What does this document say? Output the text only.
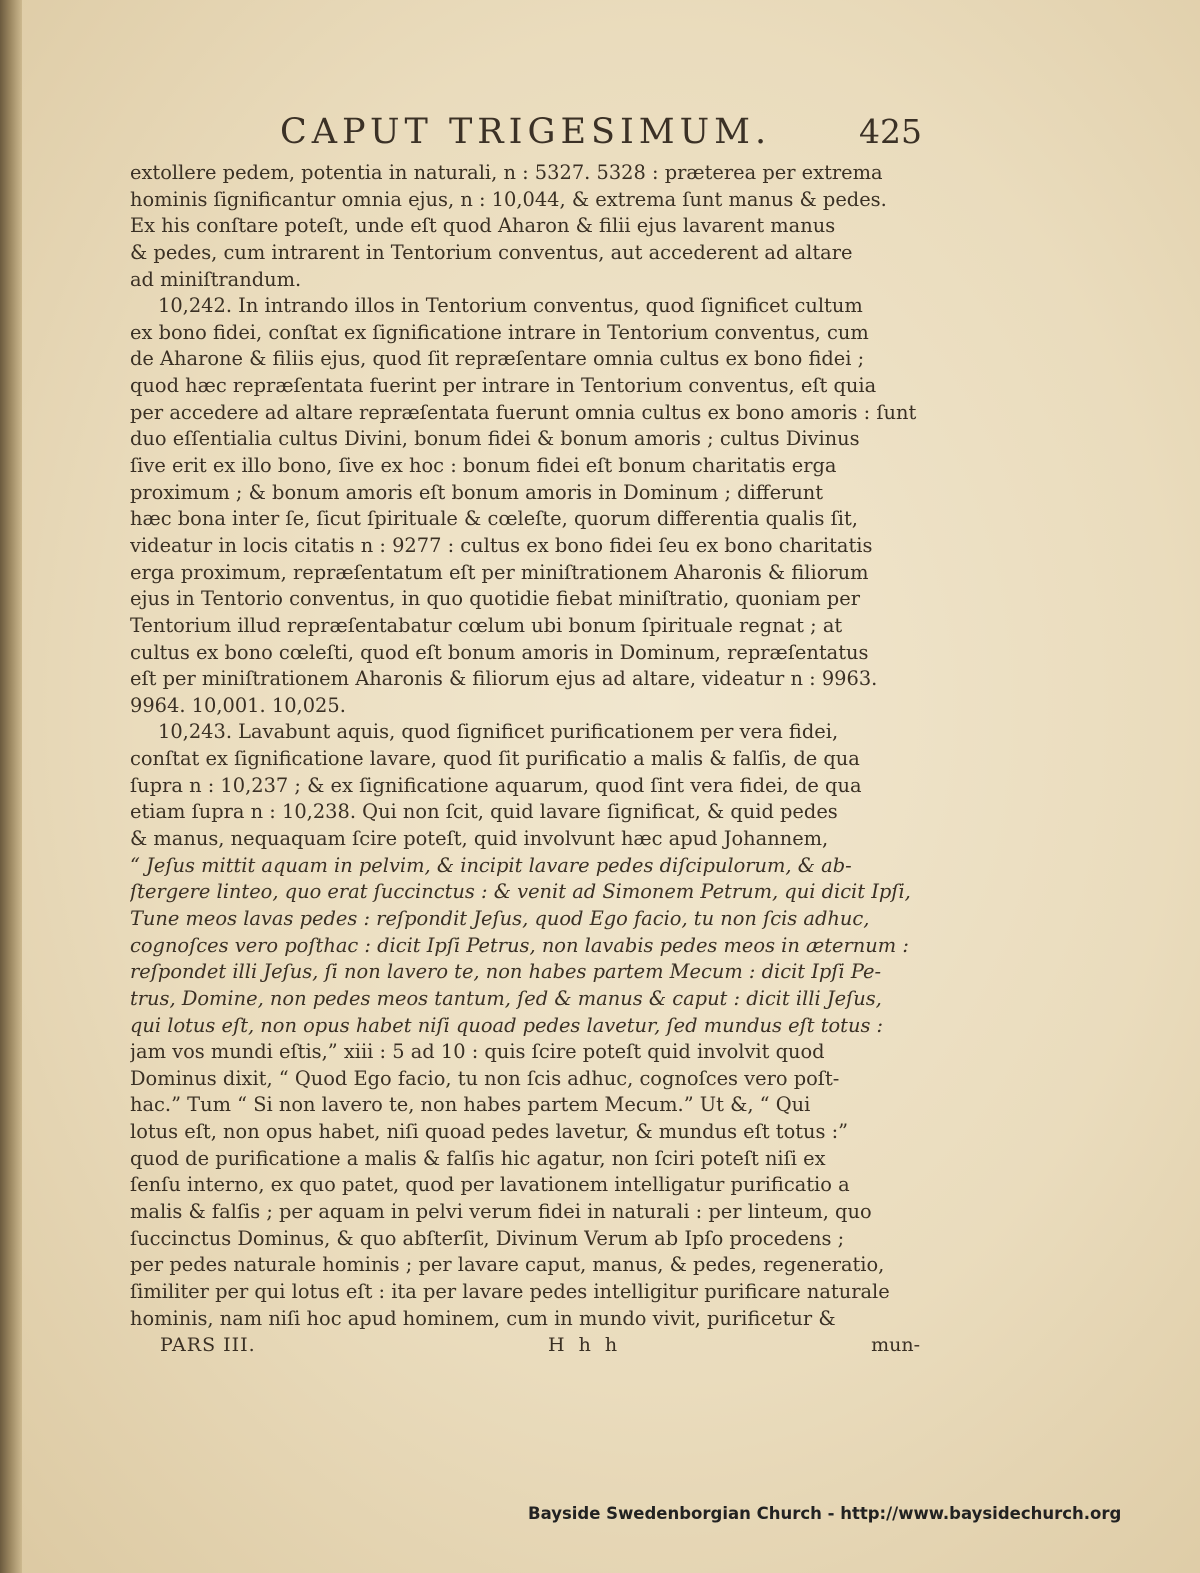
CAPUT TRIGESIMUM.	425
extollere pedem, potentia in naturali, n : 5327. 5328 : præterea per extrema
hominis ſignificantur omnia ejus, n : 10,044, & extrema ſunt manus & pedes.
Ex his conſtare poteſt, unde eſt quod Aharon & filii ejus lavarent manus
& pedes, cum intrarent in Tentorium conventus, aut accederent ad altare
ad miniſtrandum.
10,242. In intrando illos in Tentorium conventus, quod ſignificet cultum
ex bono fidei, conſtat ex ſignificatione intrare in Tentorium conventus, cum
de Aharone & filiis ejus, quod ſit repræſentare omnia cultus ex bono fidei ;
quod hæc repræſentata fuerint per intrare in Tentorium conventus, eſt quia
per accedere ad altare repræſentata fuerunt omnia cultus ex bono amoris : ſunt
duo eſſentialia cultus Divini, bonum fidei & bonum amoris ; cultus Divinus
ſive erit ex illo bono, ſive ex hoc : bonum fidei eſt bonum charitatis erga
proximum ; & bonum amoris eſt bonum amoris in Dominum ; differunt
hæc bona inter ſe, ſicut ſpirituale & cœleſte, quorum differentia qualis ſit,
videatur in locis citatis n : 9277 : cultus ex bono fidei ſeu ex bono charitatis
erga proximum, repræſentatum eſt per miniſtrationem Aharonis & filiorum
ejus in Tentorio conventus, in quo quotidie fiebat miniſtratio, quoniam per
Tentorium illud repræſentabatur cœlum ubi bonum ſpirituale regnat ; at
cultus ex bono cœleſti, quod eſt bonum amoris in Dominum, repræſentatus
eſt per miniſtrationem Aharonis & filiorum ejus ad altare, videatur n : 9963.
9964. 10,001. 10,025.
10,243. Lavabunt aquis, quod ſignificet purificationem per vera fidei,
conſtat ex ſignificatione lavare, quod ſit purificatio a malis & falſis, de qua
ſupra n : 10,237 ; & ex ſignificatione aquarum, quod ſint vera fidei, de qua
etiam ſupra n : 10,238. Qui non ſcit, quid lavare ſignificat, & quid pedes
& manus, nequaquam ſcire poteſt, quid involvunt hæc apud Johannem,
“ Jeſus mittit aquam in pelvim, & incipit lavare pedes diſcipulorum, & ab-
ſtergere linteo, quo erat ſuccinctus : & venit ad Simonem Petrum, qui dicit Ipſi,
Tune meos lavas pedes : reſpondit Jeſus, quod Ego facio, tu non ſcis adhuc,
cognoſces vero poſthac : dicit Ipſi Petrus, non lavabis pedes meos in æternum :
reſpondet illi Jeſus, ſi non lavero te, non habes partem Mecum : dicit Ipſi Pe-
trus, Domine, non pedes meos tantum, ſed & manus & caput : dicit illi Jeſus,
qui lotus eſt, non opus habet niſi quoad pedes lavetur, ſed mundus eſt totus :
jam vos mundi eſtis,” xiii : 5 ad 10 : quis ſcire poteſt quid involvit quod
Dominus dixit, “ Quod Ego facio, tu non ſcis adhuc, cognoſces vero poſt-
hac.” Tum “ Si non lavero te, non habes partem Mecum.” Ut &, “ Qui
lotus eſt, non opus habet, niſi quoad pedes lavetur, & mundus eſt totus :”
quod de purificatione a malis & falſis hic agatur, non ſciri poteſt niſi ex
ſenſu interno, ex quo patet, quod per lavationem intelligatur purificatio a
malis & falſis ; per aquam in pelvi verum fidei in naturali : per linteum, quo
ſuccinctus Dominus, & quo abſterſit, Divinum Verum ab Ipſo procedens ;
per pedes naturale hominis ; per lavare caput, manus, & pedes, regeneratio,
ſimiliter per qui lotus eſt : ita per lavare pedes intelligitur purificare naturale
hominis, nam niſi hoc apud hominem, cum in mundo vivit, purificetur &
PARS III.	H h h	mun-
Bayside Swedenborgian Church - http://www.baysidechurch.org
